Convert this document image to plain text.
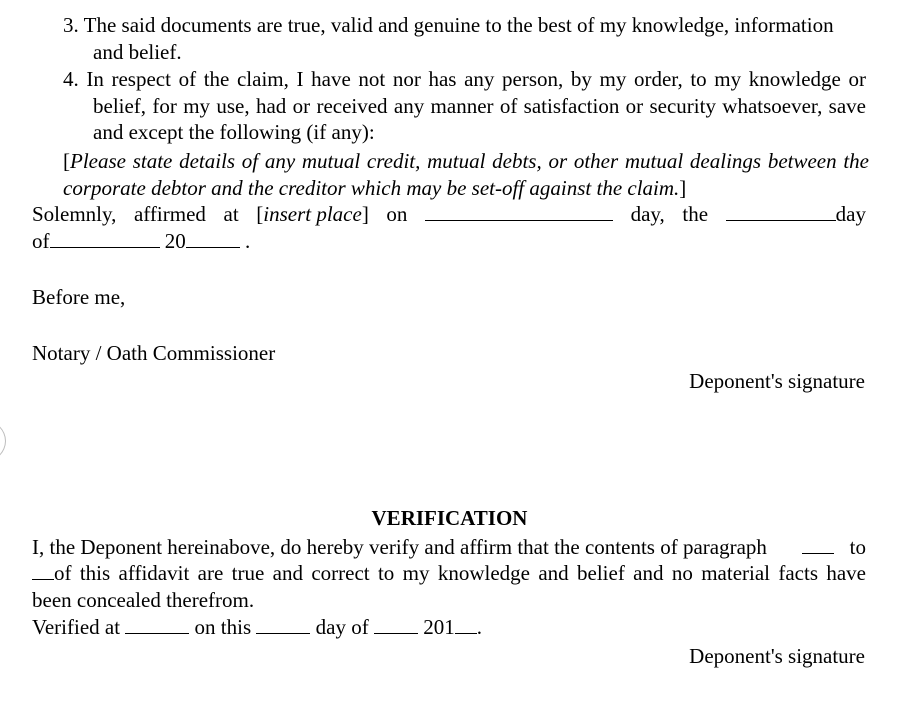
3. The said documents are true, valid and genuine to the best of my knowledge, information and belief.
4. In respect of the claim, I have not nor has any person, by my order, to my knowledge or belief, for my use, had or received any manner of satisfaction or security whatsoever, save and except the following (if any):
[Please state details of any mutual credit, mutual debts, or other mutual dealings between the corporate debtor and the creditor which may be set-off against the claim.]
Solemnly, affirmed at [insert place] on	day, the	day
of	20	.
Before me,
Notary / Oath Commissioner
Deponent's signature
VERIFICATION
I, the Deponent hereinabove, do hereby verify and affirm that the contents of paragraph	to
of this affidavit are true and correct to my knowledge and belief and no material facts have
been concealed therefrom.
Verified at	on this	day of	201 .
Deponent's signature
